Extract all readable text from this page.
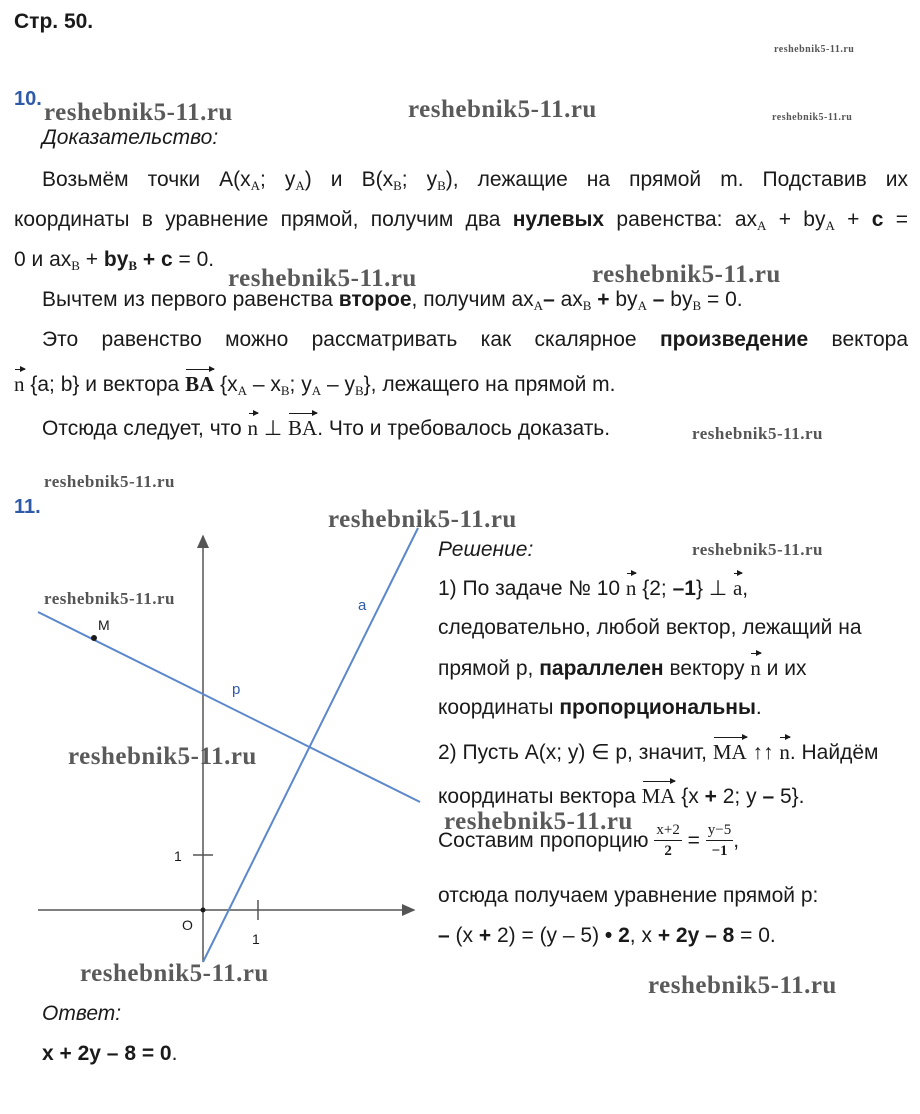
Стр. 50.
reshebnik5-11.ru
reshebnik5-11.ru	reshebnik5-11.ru	reshebnik5-11.ru
reshebnik5-11.ru	reshebnik5-11.ru
reshebnik5-11.ru
reshebnik5-11.ru
reshebnik5-11.ru
reshebnik5-11.ru
reshebnik5-11.ru
reshebnik5-11.ru
reshebnik5-11.ru
reshebnik5-11.ru	reshebnik5-11.ru
10.
Доказательство:
Возьмём точки $A(x_A$; $y_A$) и $B(x_B$; $y_B$), лежащие на прямой m. Подставив их
координаты в уравнение прямой, получим два нулевых равенства: $ax_A + by_A + c$ =
0 и $ax_B + by_B + c = 0$.
Вычтем из первого равенства второе, получим $ax_A-$ $ax_B + by_A - by_B = 0$.
Это равенство можно рассматривать как скалярное произведение вектора
n {a; b} и вектора BA {$x_A - x_B$; $y_A - y_B$}, лежащего на прямой m.
Отсюда следует, что n ⊥ BA. Что и требовалось доказать.
11.
a
p
M
O
1
1
Решение:
1) По задаче № 10 n {2; –1} ⊥ a,
следовательно, любой вектор, лежащий на
прямой p, параллелен вектору n и их
координаты пропорциональны.
2) Пусть A(x; y) ∈ p, значит, MA ↑↑ n. Найдём
координаты вектора MA {x + 2; y – 5}.
Составим пропорцию $\frac{x+2}{2} = \frac{y-5}{-1}$ ,
отсюда получаем уравнение прямой p:
– (x + 2) = (y – 5) • 2, x + 2y – 8 = 0.
Ответ:
x + 2y – 8 = 0.
